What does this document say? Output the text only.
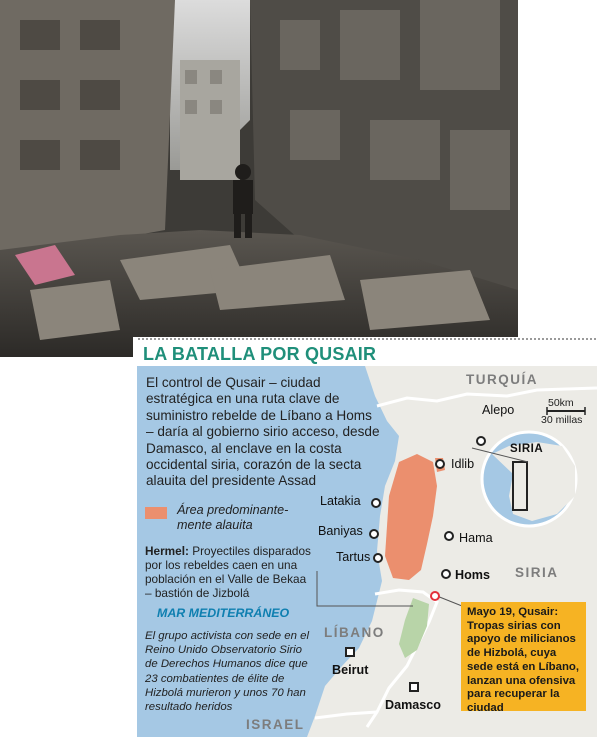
LA BATALLA POR QUSAIR
El control de Qusair – ciudad estratégica en una ruta clave de suministro rebelde de Líbano a Homs – daría al gobierno sirio acceso, desde Damasco, al enclave en la costa occidental siria, corazón de la secta alauita del presidente Assad
Área predominante-mente alauita
Hermel: Proyectiles disparados por los rebeldes caen en una población en el Valle de Bekaa – bastión de Jizbolá
MAR MEDITERRÁNEO
El grupo activista con sede en el Reino Unido Observatorio Sirio de Derechos Humanos dice que 23 combatientes de élite de Hizbolá murieron y unos 70 han resultado heridos
TURQUÍA
SIRIA
LÍBANO
ISRAEL
SIRIA
Alepo
Idlib
Latakia
Baniyas	Hama
Tartus
Homs
Beirut
Damasco
50km
30 millas
Mayo 19, Qusair: Tropas sirias con apoyo de milicianos de Hizbolá, cuya sede está en Líbano, lanzan una ofensiva para recuperar la ciudad
